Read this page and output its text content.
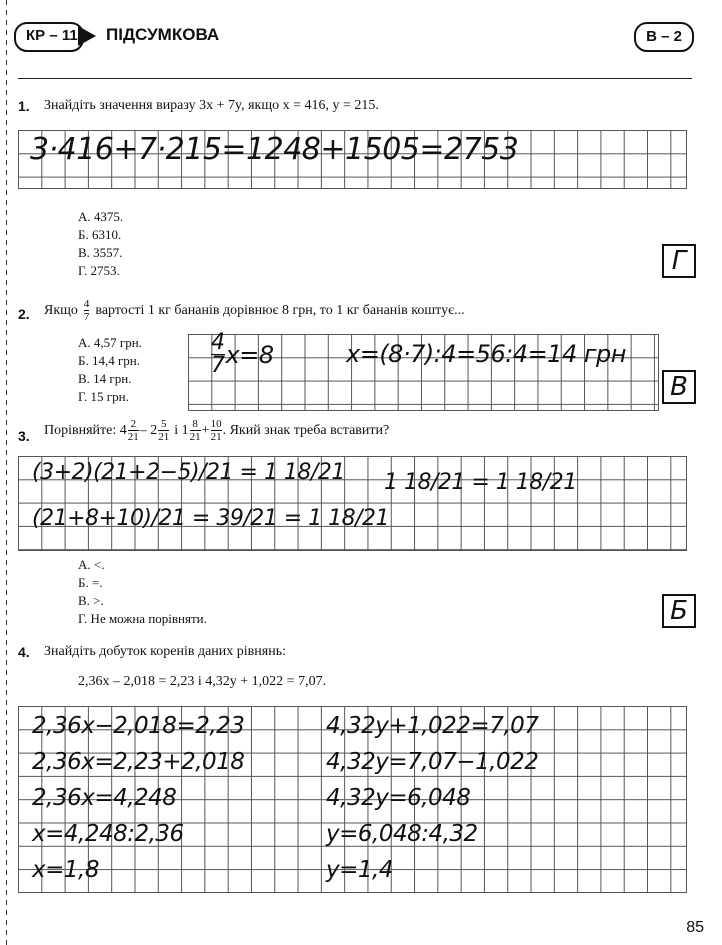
КР – 11	ПІДСУМКОВА	В – 2
1. Знайдіть значення виразу 3x + 7y, якщо x = 416, y = 215.
3·416+7·215=1248+1505=2753
А. 4375.
Б. 6310.
В. 3557.
Г. 2753.	Г
2. Якщо $\frac{4}{7}$ вартості 1 кг бананів дорівнює 8 грн, то 1 кг бананів коштує...
А. 4,57 грн.
Б. 14,4 грн.
В. 14 грн.
Г. 15 грн.
$\frac{4}{7} x=8$	x=(8·7):4=56:4=14 грн
В
3. Порівняйте: $4 \frac{2}{21} - 2 \frac{5}{21}$ і $1 \frac{8}{21} + \frac{10}{21}$ . Який знак треба вставити?
(3+2)(21+2−5)/21 = 1 18/21
(21+8+10)/21 = 39/21 = 1 18/21
1 18/21 = 1 18/21
А. <.
Б. =.
В. >.
Г. Не можна порівняти.	Б
4. Знайдіть добуток коренів даних рівнянь:
2,36x – 2,018 = 2,23 і 4,32y + 1,022 = 7,07.
2,36x−2,018=2,23
2,36x=2,23+2,018
2,36x=4,248
x=4,248:2,36
x=1,8
4,32y+1,022=7,07
4,32y=7,07−1,022
4,32y=6,048
y=6,048:4,32
y=1,4
85
